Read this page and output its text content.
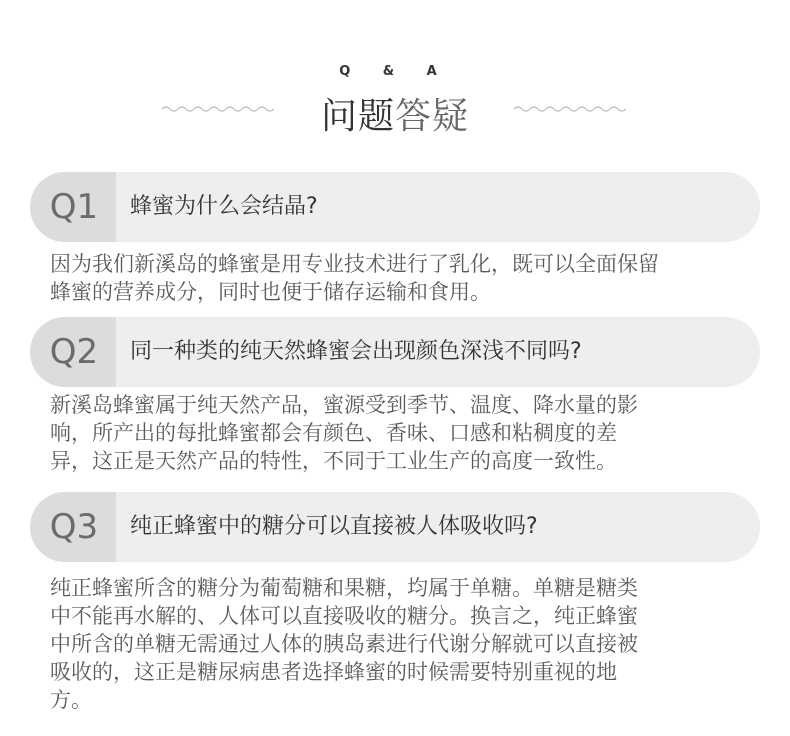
Q & A
问题答疑
Q1	蜂蜜为什么会结晶?
因为我们新溪岛的蜂蜜是用专业技术进行了乳化，既可以全面保留
蜂蜜的营养成分，同时也便于储存运输和食用。
Q2	同一种类的纯天然蜂蜜会出现颜色深浅不同吗?
新溪岛蜂蜜属于纯天然产品，蜜源受到季节、温度、降水量的影
响，所产出的每批蜂蜜都会有颜色、香味、口感和粘稠度的差
异，这正是天然产品的特性，不同于工业生产的高度一致性。
Q3	纯正蜂蜜中的糖分可以直接被人体吸收吗?
纯正蜂蜜所含的糖分为葡萄糖和果糖，均属于单糖。单糖是糖类
中不能再水解的、人体可以直接吸收的糖分。换言之，纯正蜂蜜
中所含的单糖无需通过人体的胰岛素进行代谢分解就可以直接被
吸收的，这正是糖尿病患者选择蜂蜜的时候需要特别重视的地
方。
